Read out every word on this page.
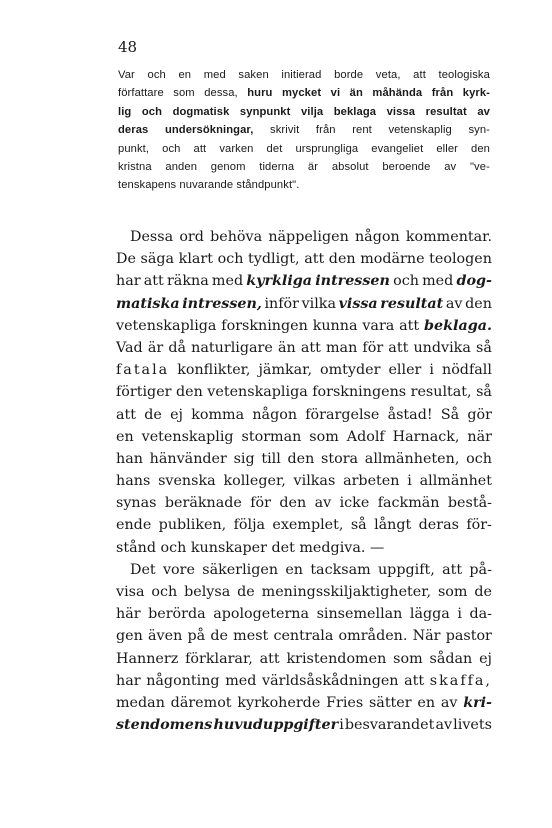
48
Var och en med saken initierad borde veta, att teologiska
författare som dessa, huru mycket vi än måhända från kyrk-
lig och dogmatisk synpunkt vilja beklaga vissa resultat av
deras undersökningar, skrivit från rent vetenskaplig syn-
punkt, och att varken det ursprungliga evangeliet eller den
kristna anden genom tiderna är absolut beroende av "ve-
tenskapens nuvarande ståndpunkt".
Dessa ord behöva näppeligen någon kommentar.
De säga klart och tydligt, att den modärne teologen
har att räkna med kyrkliga intressen och med dog-
matiska intressen, inför vilka vissa resultat av den
vetenskapliga forskningen kunna vara att beklaga.
Vad är då naturligare än att man för att undvika så
fatala konflikter, jämkar, omtyder eller i nödfall
förtiger den vetenskapliga forskningens resultat, så
att de ej komma någon förargelse åstad! Så gör
en vetenskaplig storman som Adolf Harnack, när
han hänvänder sig till den stora allmänheten, och
hans svenska kolleger, vilkas arbeten i allmänhet
synas beräknade för den av icke fackmän bestå-
ende publiken, följa exemplet, så långt deras för-
stånd och kunskaper det medgiva. —
Det vore säkerligen en tacksam uppgift, att på-
visa och belysa de meningsskiljaktigheter, som de
här berörda apologeterna sinsemellan lägga i da-
gen även på de mest centrala områden. När pastor
Hannerz förklarar, att kristendomen som sådan ej
har någonting med världsåskådningen att skaffa,
medan däremot kyrkoherde Fries sätter en av kri-
stendomens huvuduppgifter i besvarandet av livets
